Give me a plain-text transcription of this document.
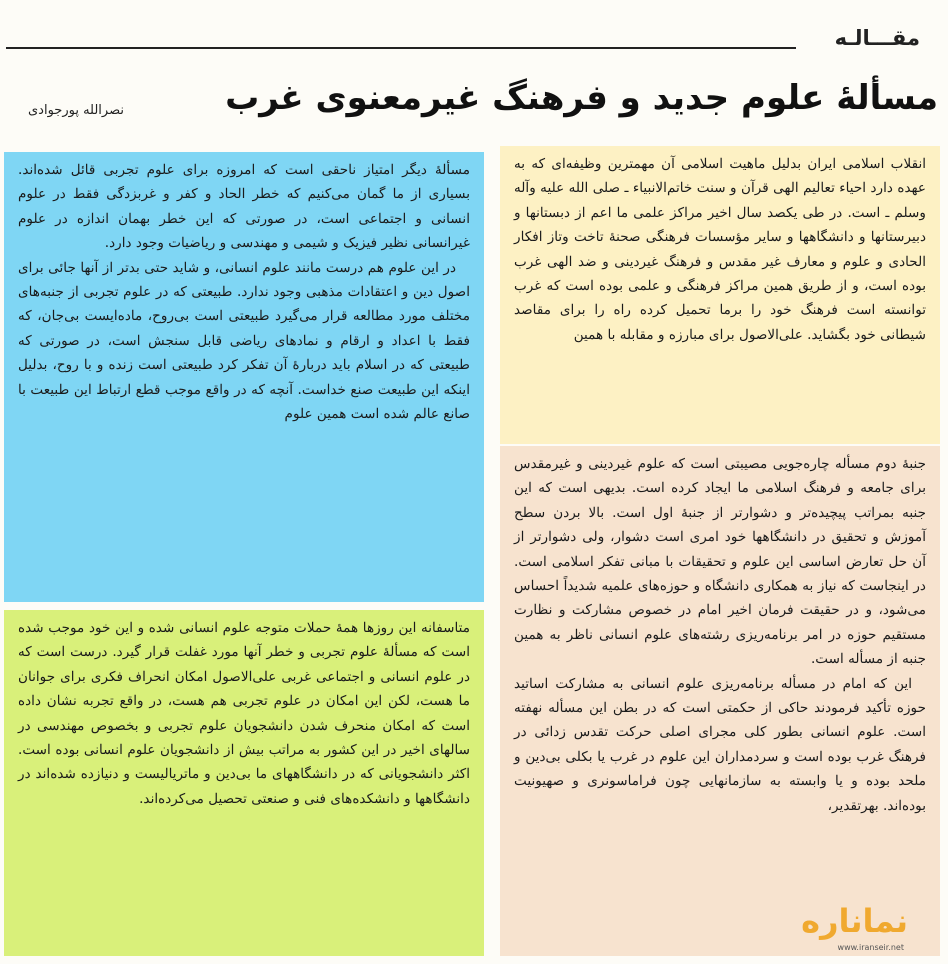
مقـــالـه
مسألهٔ علوم جدید و فرهنگ غیرمعنوی غرب
نصرالله پورجوادی

انقلاب اسلامی ایران بدلیل ماهیت اسلامی آن مهمترین وظیفه‌ای که به عهده دارد احیاء تعالیم الهی قرآن و سنت خاتم‌الانبیاء ـ صلی الله علیه وآله وسلم ـ است. در طی یکصد سال اخیر مراکز علمی ما اعم از دبستانها و دبیرستانها و دانشگاهها و سایر مؤسسات فرهنگی صحنهٔ تاخت وتاز افکار الحادی و علوم و معارف غیر مقدس و فرهنگ غیردینی و ضد الهی غرب بوده است، و از طریق همین مراکز فرهنگی و علمی بوده است که غرب توانسته است فرهنگ خود را برما تحمیل کرده راه را برای مقاصد شیطانی خود بگشاید. علی‌الاصول برای مبارزه و مقابله با همین

جنبهٔ دوم مسأله چاره‌جویی مصیبتی است که علوم غیردینی و غیرمقدس برای جامعه و فرهنگ اسلامی ما ایجاد کرده است. بدیهی است که این جنبه بمراتب پیچیده‌تر و دشوارتر از جنبهٔ اول است. بالا بردن سطح آموزش و تحقیق در دانشگاهها خود امری است دشوار، ولی دشوارتر از آن حل تعارض اساسی این علوم و تحقیقات با مبانی تفکر اسلامی است. در اینجاست که نیاز به همکاری دانشگاه و حوزه‌های علمیه شدیداً احساس می‌شود، و در حقیقت فرمان اخیر امام در خصوص مشارکت و نظارت مستقیم حوزه در امر برنامه‌ریزی رشته‌های علوم انسانی ناظر به همین جنبه از مسأله است.

این که امام در مسأله برنامه‌ریزی علوم انسانی به مشارکت اساتید حوزه تأکید فرمودند حاکی از حکمتی است که در بطن این مسأله نهفته است. علوم انسانی بطور کلی مجرای اصلی حرکت تقدس زدائی در فرهنگ غرب بوده است و سردمداران این علوم در غرب یا بکلی بی‌دین و ملحد بوده و یا وابسته به سازمانهایی چون فراماسونری و صهیونیت بوده‌اند. بهرتقدیر،

مسألهٔ دیگر امتیاز ناحقی است که امروزه برای علوم تجربی قائل شده‌اند. بسیاری از ما گمان می‌کنیم که خطر الحاد و کفر و غربزدگی فقط در علوم انسانی و اجتماعی است، در صورتی که این خطر بهمان اندازه در علوم غیرانسانی نظیر فیزیک و شیمی و مهندسی و ریاضیات وجود دارد.

در این علوم هم درست مانند علوم انسانی، و شاید حتی بدتر از آنها جائی برای اصول دین و اعتقادات مذهبی وجود ندارد. طبیعتی که در علوم تجربی از جنبه‌های مختلف مورد مطالعه قرار می‌گیرد طبیعتی است بی‌روح، ماده‌ایست بی‌جان، که فقط با اعداد و ارقام و نمادهای ریاضی قابل سنجش است، در صورتی که طبیعتی که در اسلام باید دربارهٔ آن تفکر کرد طبیعتی است زنده و با روح، بدلیل اینکه این طبیعت صنع خداست. آنچه که در واقع موجب قطع ارتباط این طبیعت با صانع عالم شده است همین علوم

متاسفانه این روزها همهٔ حملات متوجه علوم انسانی شده و این خود موجب شده است که مسألهٔ علوم تجربی و خطر آنها مورد غفلت قرار گیرد. درست است که در علوم انسانی و اجتماعی غربی علی‌الاصول امکان انحراف فکری برای جوانان ما هست، لکن این امکان در علوم تجربی هم هست، در واقع تجربه نشان داده است که امکان منحرف شدن دانشجویان علوم تجربی و بخصوص مهندسی در سالهای اخیر در این کشور به مراتب بیش از دانشجویان علوم انسانی بوده است. اکثر دانشجویانی که در دانشگاههای ما بی‌دین و ماتریالیست و دنیازده شده‌اند در دانشگاهها و دانشکده‌های فنی و صنعتی تحصیل می‌کرده‌اند.

نماناره
www.iranseir.net
